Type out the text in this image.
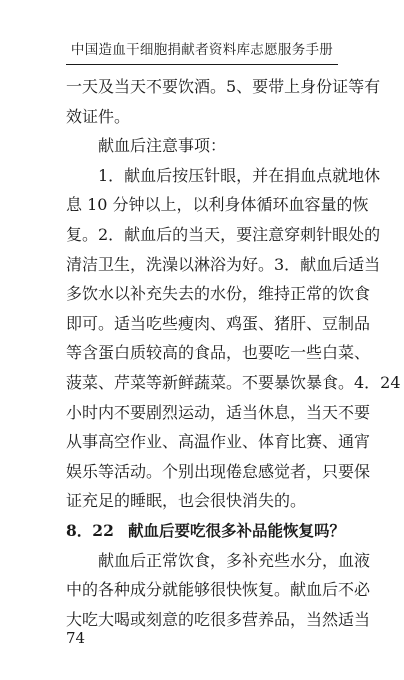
中国造血干细胞捐献者资料库志愿服务手册
一天及当天不要饮酒。5、要带上身份证等有
效证件。
献血后注意事项：
1．献血后按压针眼，并在捐血点就地休
息 10 分钟以上，以利身体循环血容量的恢
复。2．献血后的当天，要注意穿刺针眼处的
清洁卫生，洗澡以淋浴为好。3．献血后适当
多饮水以补充失去的水份，维持正常的饮食
即可。适当吃些瘦肉、鸡蛋、猪肝、豆制品
等含蛋白质较高的食品，也要吃一些白菜、
菠菜、芹菜等新鲜蔬菜。不要暴饮暴食。4．24
小时内不要剧烈运动，适当休息，当天不要
从事高空作业、高温作业、体育比赛、通宵
娱乐等活动。个别出现倦怠感觉者，只要保
证充足的睡眠，也会很快消失的。
8．22 献血后要吃很多补品能恢复吗？
献血后正常饮食，多补充些水分，血液
中的各种成分就能够很快恢复。献血后不必
大吃大喝或刻意的吃很多营养品，当然适当
74
